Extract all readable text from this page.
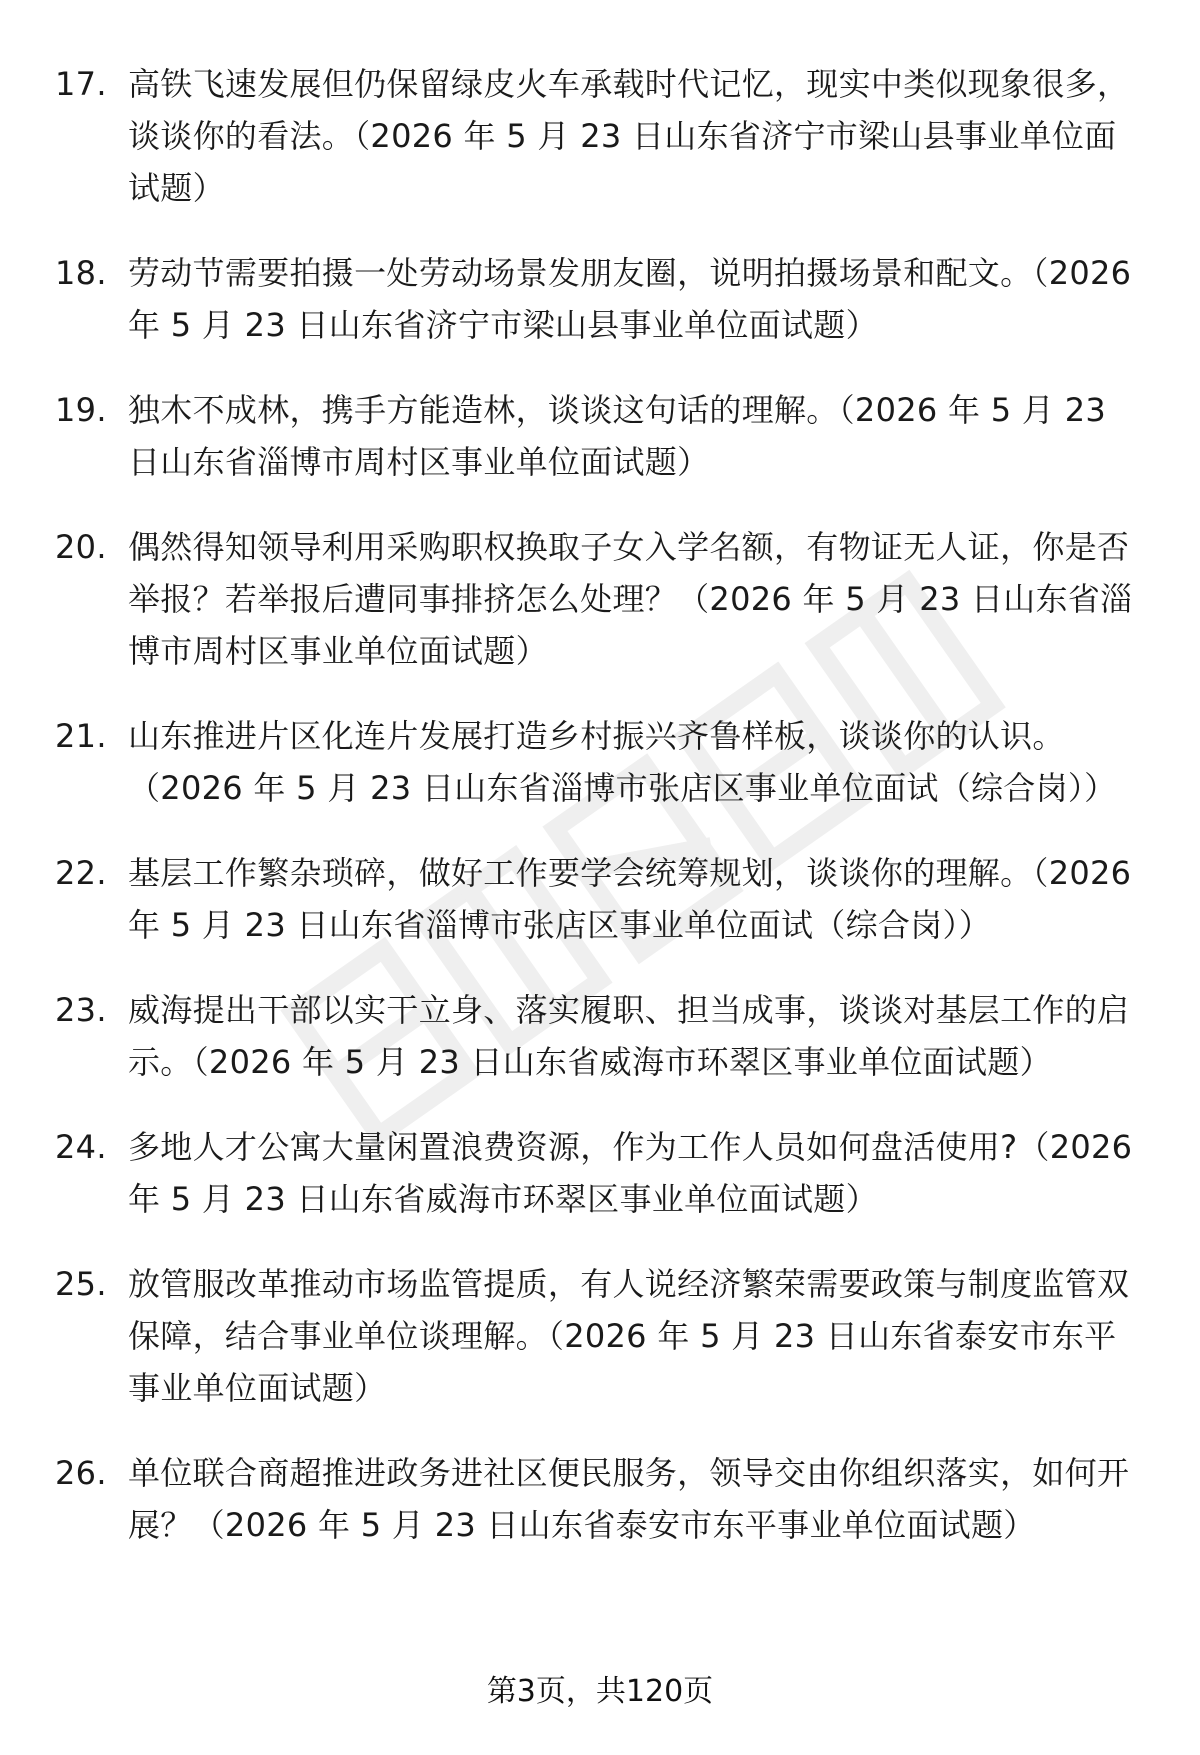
17. 高铁飞速发展但仍保留绿皮火车承载时代记忆，现实中类似现象很多，谈谈你的看法。（2026 年 5 月 23 日山东省济宁市梁山县事业单位面试题）
18. 劳动节需要拍摄一处劳动场景发朋友圈，说明拍摄场景和配文。（2026 年 5 月 23 日山东省济宁市梁山县事业单位面试题）
19. 独木不成林，携手方能造林，谈谈这句话的理解。（2026 年 5 月 23 日山东省淄博市周村区事业单位面试题）
20. 偶然得知领导利用采购职权换取子女入学名额，有物证无人证，你是否举报？若举报后遭同事排挤怎么处理？（2026 年 5 月 23 日山东省淄博市周村区事业单位面试题）
21. 山东推进片区化连片发展打造乡村振兴齐鲁样板，谈谈你的认识。（2026 年 5 月 23 日山东省淄博市张店区事业单位面试（综合岗））
22. 基层工作繁杂琐碎，做好工作要学会统筹规划，谈谈你的理解。（2026 年 5 月 23 日山东省淄博市张店区事业单位面试（综合岗））
23. 威海提出干部以实干立身、落实履职、担当成事，谈谈对基层工作的启示。（2026 年 5 月 23 日山东省威海市环翠区事业单位面试题）
24. 多地人才公寓大量闲置浪费资源，作为工作人员如何盘活使用?（2026 年 5 月 23 日山东省威海市环翠区事业单位面试题）
25. 放管服改革推动市场监管提质，有人说经济繁荣需要政策与制度监管双保障，结合事业单位谈理解。（2026 年 5 月 23 日山东省泰安市东平事业单位面试题）
26. 单位联合商超推进政务进社区便民服务，领导交由你组织落实，如何开展？（2026 年 5 月 23 日山东省泰安市东平事业单位面试题）
第3页，共120页
